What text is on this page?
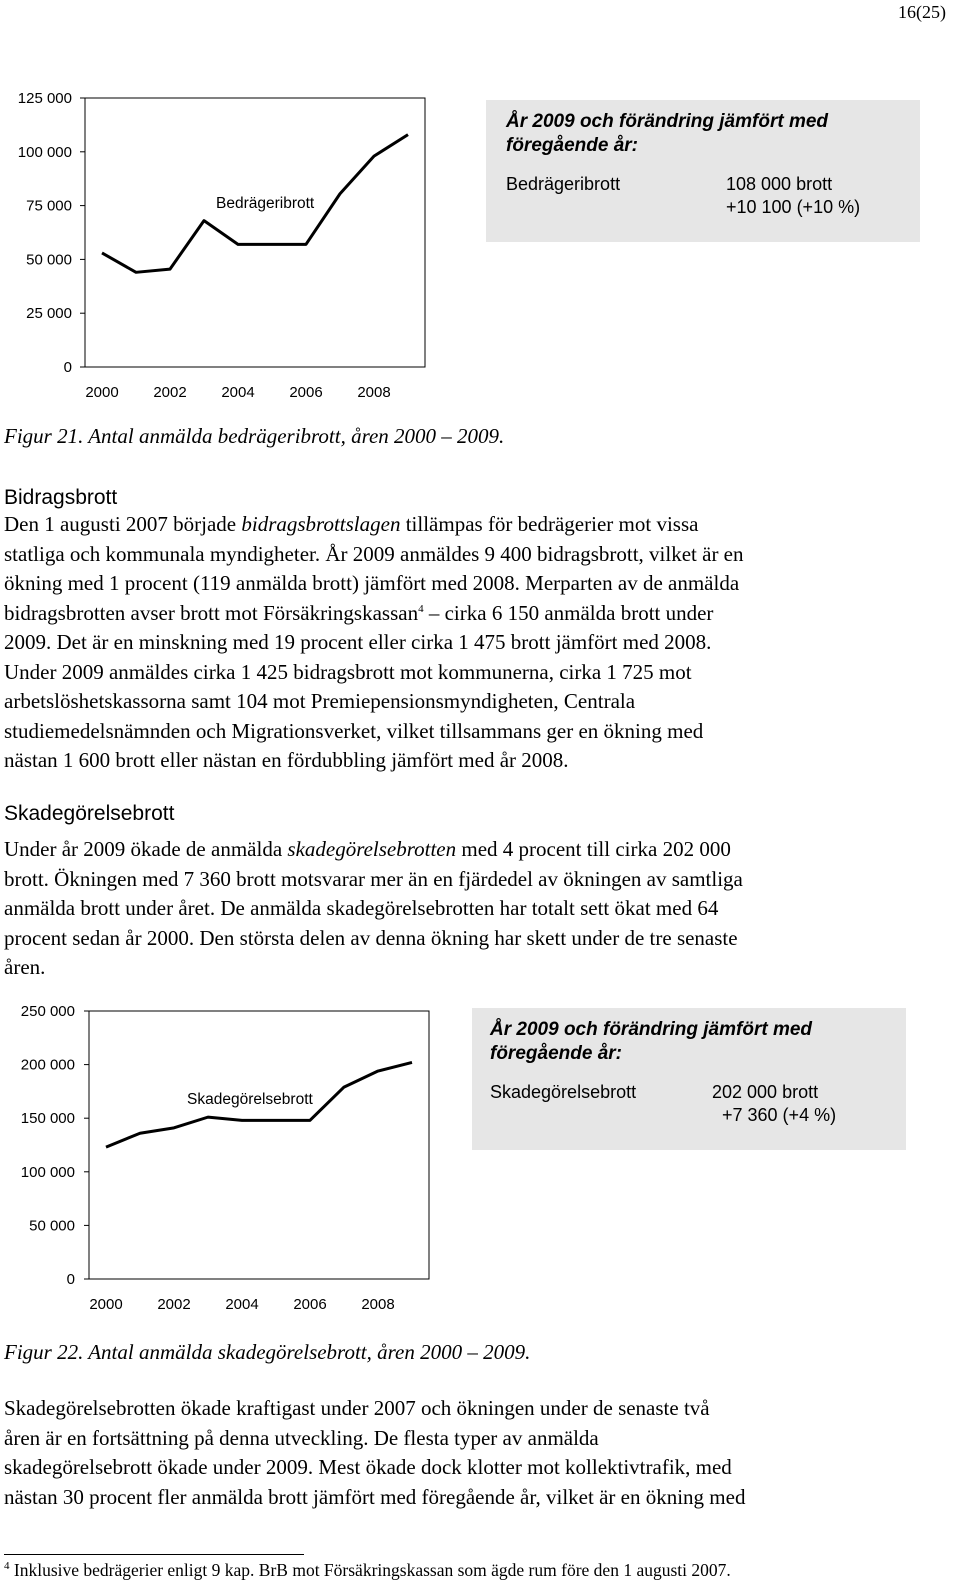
16(25)
0
25 000
50 000
75 000
100 000
125 000
2000 2002 2004 2006 2008
Bedrägeribrott
År 2009 och förändring jämfört med
föregående år:
Bedrägeribrott	108 000 brott
+10 100 (+10 %)
Figur 21. Antal anmälda bedrägeribrott, åren 2000 – 2009.
Bidragsbrott
Den 1 augusti 2007 började bidragsbrottslagen tillämpas för bedrägerier mot vissa
statliga och kommunala myndigheter. År 2009 anmäldes 9 400 bidragsbrott, vilket är en
ökning med 1 procent (119 anmälda brott) jämfört med 2008. Merparten av de anmälda
bidragsbrotten avser brott mot Försäkringskassan$^4$ – cirka 6 150 anmälda brott under
2009. Det är en minskning med 19 procent eller cirka 1 475 brott jämfört med 2008.
Under 2009 anmäldes cirka 1 425 bidragsbrott mot kommunerna, cirka 1 725 mot
arbetslöshetskassorna samt 104 mot Premiepensionsmyndigheten, Centrala
studiemedelsnämnden och Migrationsverket, vilket tillsammans ger en ökning med
nästan 1 600 brott eller nästan en fördubbling jämfört med år 2008.
Skadegörelsebrott
Under år 2009 ökade de anmälda skadegörelsebrotten med 4 procent till cirka 202 000
brott. Ökningen med 7 360 brott motsvarar mer än en fjärdedel av ökningen av samtliga
anmälda brott under året. De anmälda skadegörelsebrotten har totalt sett ökat med 64
procent sedan år 2000. Den största delen av denna ökning har skett under de tre senaste
åren.
0
50 000
100 000
150 000
200 000
250 000
2000 2002 2004 2006 2008
Skadegörelsebrott
År 2009 och förändring jämfört med
föregående år:
Skadegörelsebrott	202 000 brott
+7 360 (+4 %)
Figur 22. Antal anmälda skadegörelsebrott, åren 2000 – 2009.
Skadegörelsebrotten ökade kraftigast under 2007 och ökningen under de senaste två
åren är en fortsättning på denna utveckling. De flesta typer av anmälda
skadegörelsebrott ökade under 2009. Mest ökade dock klotter mot kollektivtrafik, med
nästan 30 procent fler anmälda brott jämfört med föregående år, vilket är en ökning med
$^4$ Inklusive bedrägerier enligt 9 kap. BrB mot Försäkringskassan som ägde rum före den 1 augusti 2007.
